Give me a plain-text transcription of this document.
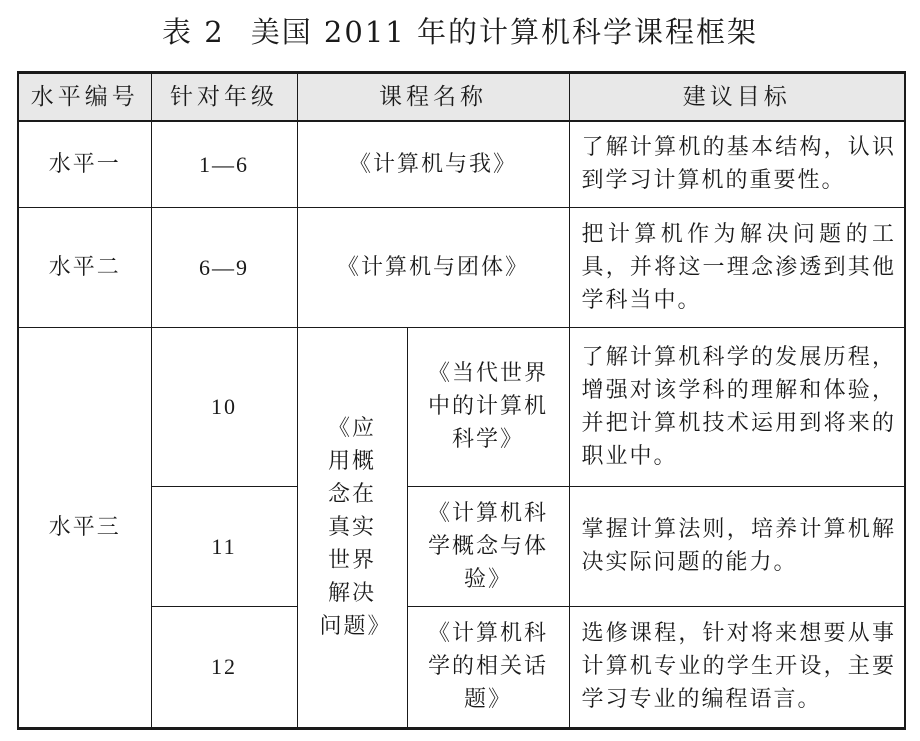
表 2 美国 2011 年的计算机科学课程框架
水平编号	针对年级	课程名称		建议目标
水平一	1—6	《计算机与我》		了解计算机的基本结构，认识到学习计算机的重要性。
水平二	6—9	《计算机与团体》		把计算机作为解决问题的工具，并将这一理念渗透到其他学科当中。
水平三	10	《应用概念在真实世界解决问题》	《当代世界中的计算机科学》	了解计算机科学的发展历程，增强对该学科的理解和体验，并把计算机技术运用到将来的职业中。
	11		《计算机科学概念与体验》	掌握计算法则，培养计算机解决实际问题的能力。
	12		《计算机科学的相关话题》	选修课程，针对将来想要从事计算机专业的学生开设，主要学习专业的编程语言。
